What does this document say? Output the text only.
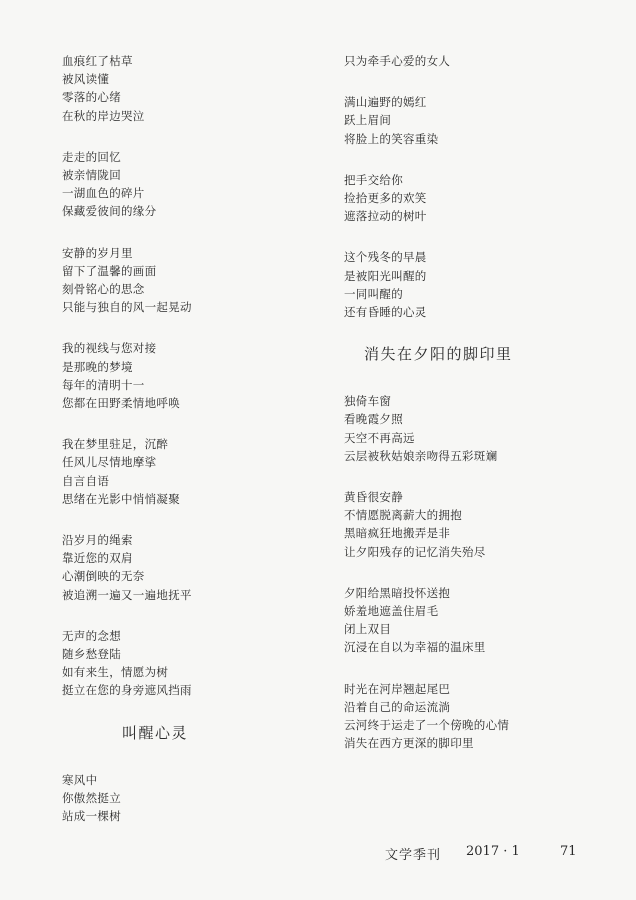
血痕红了枯草
被风读懂
零落的心绪
在秋的岸边哭泣
走走的回忆
被亲情陇回
一湖血色的碎片
保藏爱彼间的缘分
安静的岁月里
留下了温馨的画面
刻骨铭心的思念
只能与独自的风一起晃动
我的视线与您对接
是那晚的梦境
每年的清明十一
您都在田野柔情地呼唤
我在梦里驻足，沉醉
任风儿尽情地摩挲
自言自语
思绪在光影中悄悄凝聚
沿岁月的绳索
靠近您的双肩
心潮倒映的无奈
被追溯一遍又一遍地抚平
无声的念想
随乡愁登陆
如有来生，情愿为树
挺立在您的身旁遮风挡雨
叫醒心灵
寒风中
你傲然挺立
站成一棵树
只为牵手心爱的女人
满山遍野的嫣红
跃上眉间
将脸上的笑容重染
把手交给你
捡拾更多的欢笑
遮落拉动的树叶
这个残冬的早晨
是被阳光叫醒的
一同叫醒的
还有昏睡的心灵
消失在夕阳的脚印里
独倚车窗
看晚霞夕照
天空不再高远
云层被秋姑娘亲吻得五彩斑斓
黄昏很安静
不情愿脱离薪大的拥抱
黑暗疯狂地搬弄是非
让夕阳残存的记忆消失殆尽
夕阳给黑暗投怀送抱
娇羞地遮盖住眉毛
闭上双目
沉浸在自以为幸福的温床里
时光在河岸翘起尾巴
沿着自己的命运流淌
云河终于运走了一个傍晚的心情
消失在西方更深的脚印里
文学季刊 2017 · 1	71
